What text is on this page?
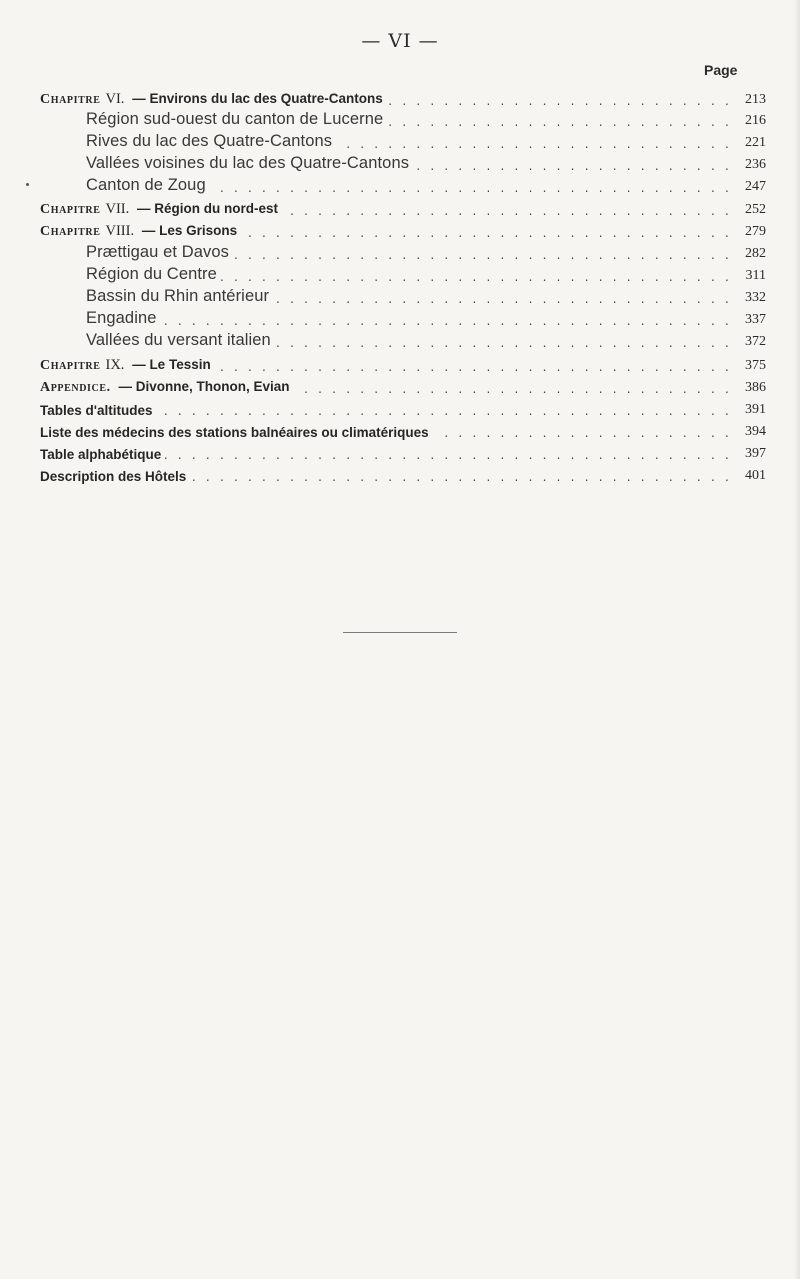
— VI —
Page
Chapitre VI. — Environs du lac des Quatre-Cantons . . .	213
Région sud-ouest du canton de Lucerne . . .	216
Rives du lac des Quatre-Cantons . . .	221
Vallées voisines du lac des Quatre-Cantons . . .	236
Canton de Zoug . . .	247
Chapitre VII. — Région du nord-est . . .	252
Chapitre VIII. — Les Grisons . . .	279
Prættigau et Davos . . .	282
Région du Centre . . .	311
Bassin du Rhin antérieur . . .	332
Engadine . . .	337
Vallées du versant italien . . .	372
Chapitre IX. — Le Tessin . . .	375
Appendice. — Divonne, Thonon, Evian . . .	386
Tables d'altitudes . . .	391
Liste des médecins des stations balnéaires ou climatériques . . .	394
Table alphabétique . . .	397
Description des Hôtels . . .	401
